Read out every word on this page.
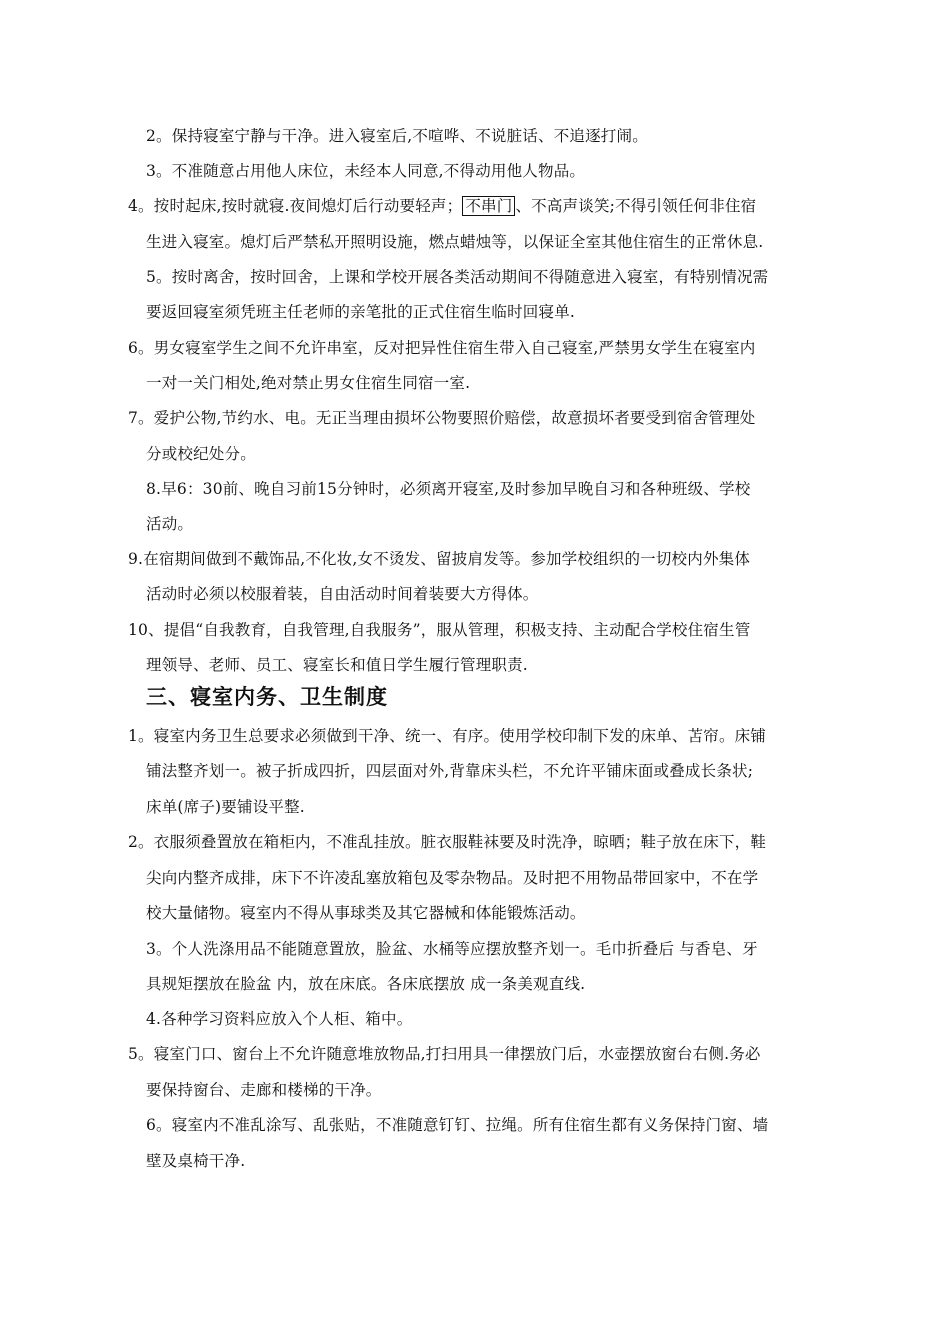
2。保持寝室宁静与干净。进入寝室后,不喧哗、不说脏话、不追逐打闹。
3。不准随意占用他人床位，未经本人同意,不得动用他人物品。
4。按时起床,按时就寝.夜间熄灯后行动要轻声； 不串门 、不高声谈笑;不得引领任何非住宿
生进入寝室。熄灯后严禁私开照明设施，燃点蜡烛等，以保证全室其他住宿生的正常休息.
5。按时离舍，按时回舍，上课和学校开展各类活动期间不得随意进入寝室，有特别情况需
要返回寝室须凭班主任老师的亲笔批的正式住宿生临时回寝单.
6。男女寝室学生之间不允许串室，反对把异性住宿生带入自己寝室,严禁男女学生在寝室内
一对一关门相处,绝对禁止男女住宿生同宿一室.
7。爱护公物,节约水、电。无正当理由损坏公物要照价赔偿，故意损坏者要受到宿舍管理处
分或校纪处分。
8.早6：30前、晚自习前15分钟时，必须离开寝室,及时参加早晚自习和各种班级、学校
活动。
9.在宿期间做到不戴饰品,不化妆,女不烫发、留披肩发等。参加学校组织的一切校内外集体
活动时必须以校服着装，自由活动时间着装要大方得体。
10、提倡“自我教育，自我管理,自我服务”，服从管理，积极支持、主动配合学校住宿生管
理领导、老师、员工、寝室长和值日学生履行管理职责.
三、寝室内务、卫生制度
1。寝室内务卫生总要求必须做到干净、统一、有序。使用学校印制下发的床单、苫帘。床铺
铺法整齐划一。被子折成四折，四层面对外,背靠床头栏，不允许平铺床面或叠成长条状;
床单(席子)要铺设平整.
2。衣服须叠置放在箱柜内，不准乱挂放。脏衣服鞋袜要及时洗净，晾晒；鞋子放在床下，鞋
尖向内整齐成排，床下不许凌乱塞放箱包及零杂物品。及时把不用物品带回家中，不在学
校大量储物。寝室内不得从事球类及其它器械和体能锻炼活动。
3。个人洗涤用品不能随意置放，脸盆、水桶等应摆放整齐划一。毛巾折叠后 与香皂、牙
具规矩摆放在脸盆 内，放在床底。各床底摆放 成一条美观直线.
4.各种学习资料应放入个人柜、箱中。
5。寝室门口、窗台上不允许随意堆放物品,打扫用具一律摆放门后，水壶摆放窗台右侧.务必
要保持窗台、走廊和楼梯的干净。
6。寝室内不准乱涂写、乱张贴，不准随意钉钉、拉绳。所有住宿生都有义务保持门窗、墙
壁及桌椅干净.
